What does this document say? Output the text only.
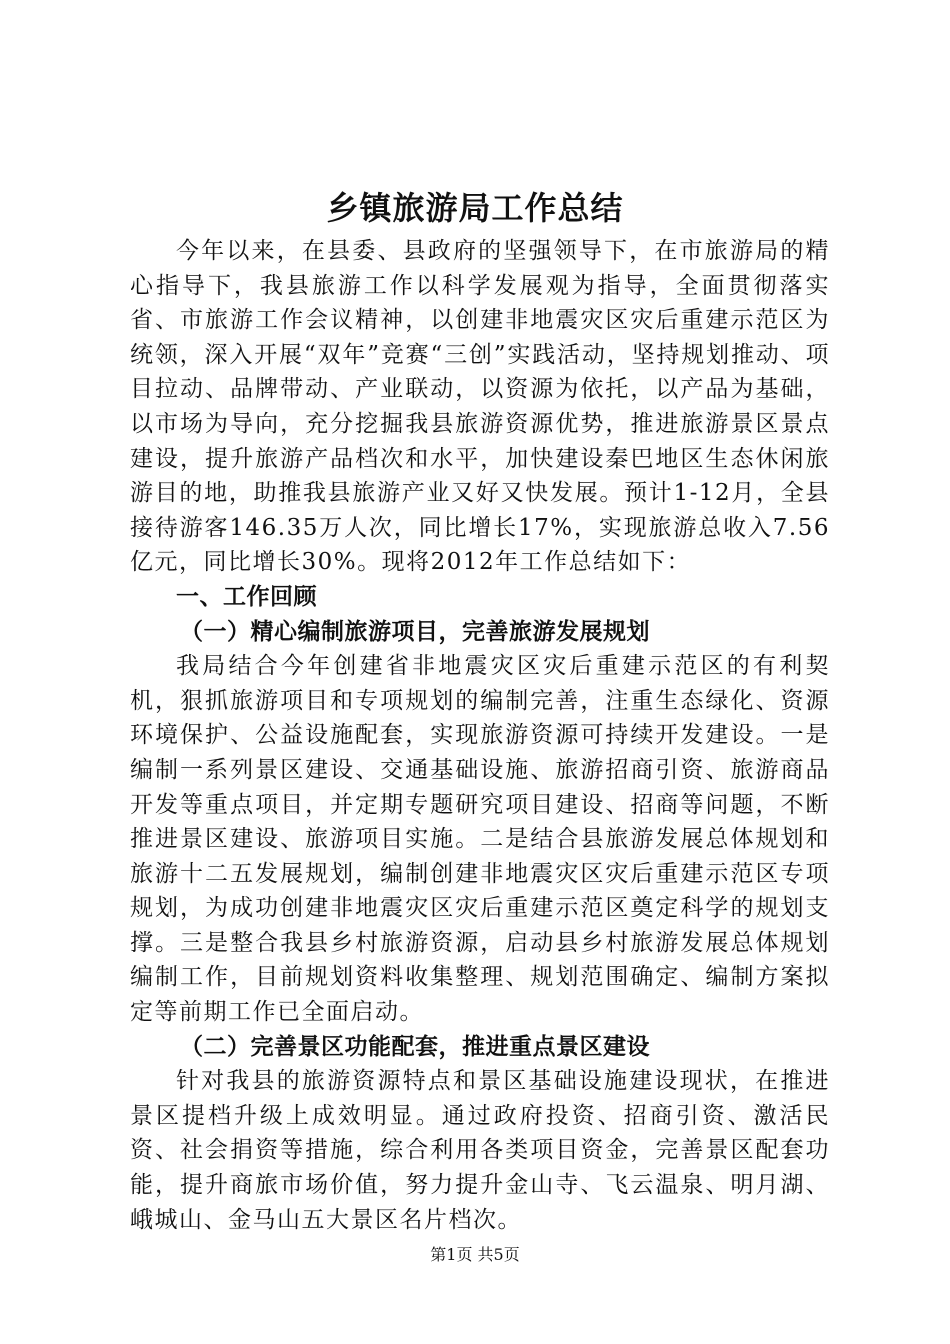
乡镇旅游局工作总结

今年以来，在县委、县政府的坚强领导下，在市旅游局的精心指导下，我县旅游工作以科学发展观为指导，全面贯彻落实省、市旅游工作会议精神，以创建非地震灾区灾后重建示范区为统领，深入开展“双年”竞赛“三创”实践活动，坚持规划推动、项目拉动、品牌带动、产业联动，以资源为依托，以产品为基础，以市场为导向，充分挖掘我县旅游资源优势，推进旅游景区景点建设，提升旅游产品档次和水平，加快建设秦巴地区生态休闲旅游目的地，助推我县旅游产业又好又快发展。预计1-12月，全县接待游客146.35万人次，同比增长17%，实现旅游总收入7.56亿元，同比增长30%。现将2012年工作总结如下：

一、工作回顾

（一）精心编制旅游项目，完善旅游发展规划

我局结合今年创建省非地震灾区灾后重建示范区的有利契机，狠抓旅游项目和专项规划的编制完善，注重生态绿化、资源环境保护、公益设施配套，实现旅游资源可持续开发建设。一是编制一系列景区建设、交通基础设施、旅游招商引资、旅游商品开发等重点项目，并定期专题研究项目建设、招商等问题，不断推进景区建设、旅游项目实施。二是结合县旅游发展总体规划和旅游十二五发展规划，编制创建非地震灾区灾后重建示范区专项规划，为成功创建非地震灾区灾后重建示范区奠定科学的规划支撑。三是整合我县乡村旅游资源，启动县乡村旅游发展总体规划编制工作，目前规划资料收集整理、规划范围确定、编制方案拟定等前期工作已全面启动。

（二）完善景区功能配套，推进重点景区建设

针对我县的旅游资源特点和景区基础设施建设现状，在推进景区提档升级上成效明显。通过政府投资、招商引资、激活民资、社会捐资等措施，综合利用各类项目资金，完善景区配套功能，提升商旅市场价值，努力提升金山寺、飞云温泉、明月湖、峨城山、金马山五大景区名片档次。

第1页 共5页
